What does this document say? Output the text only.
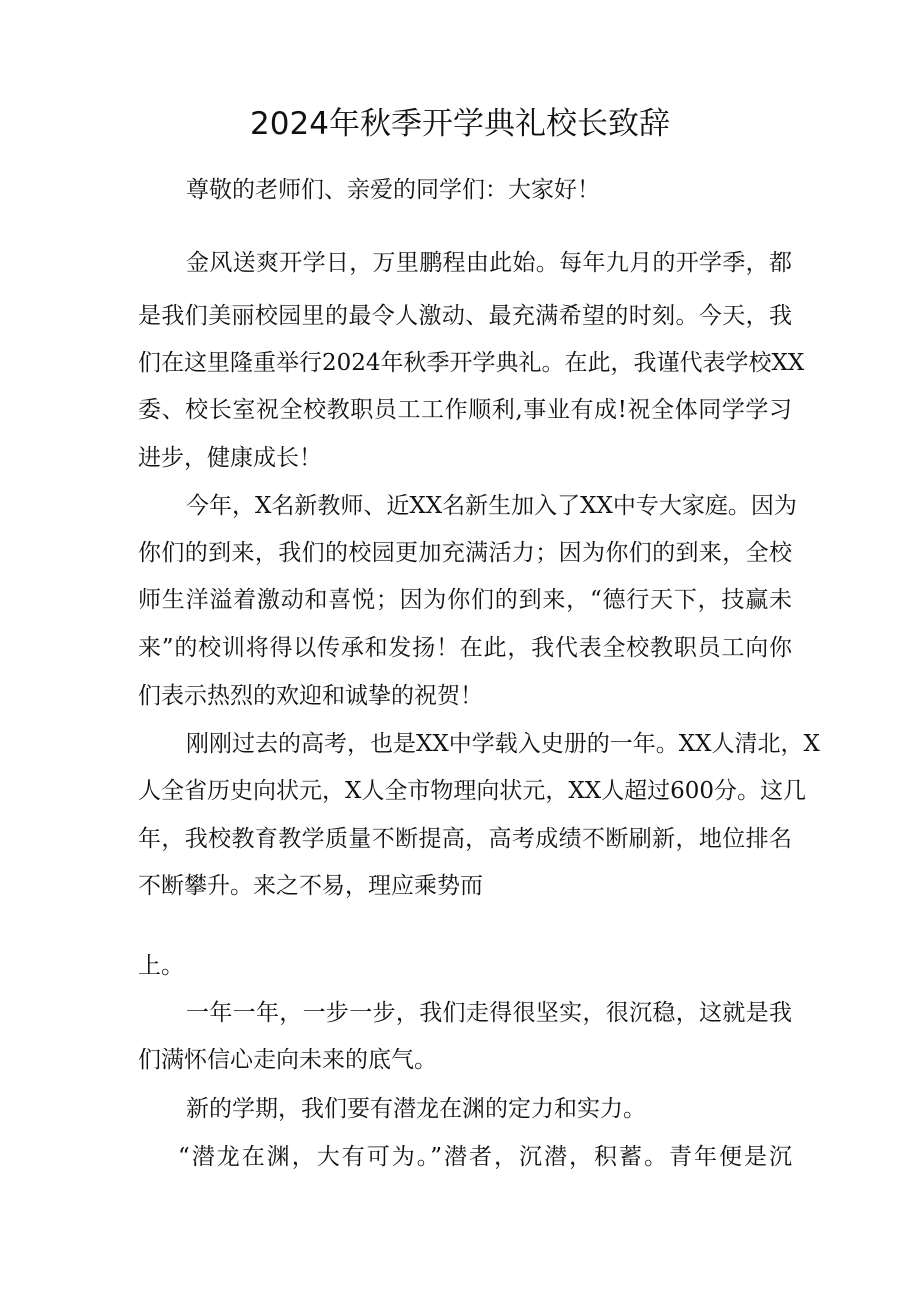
2024年秋季开学典礼校长致辞

尊敬的老师们、亲爱的同学们：大家好！

金风送爽开学日，万里鹏程由此始。每年九月的开学季，都

是我们美丽校园里的最令人激动、最充满希望的时刻。今天，我

们在这里隆重举行2024年秋季开学典礼。在此，我谨代表学校XX

委、校长室祝全校教职员工工作顺利,事业有成!祝全体同学学习

进步，健康成长！

今年，X名新教师、近XX名新生加入了XX中专大家庭。因为

你们的到来，我们的校园更加充满活力；因为你们的到来，全校

师生洋溢着激动和喜悦；因为你们的到来，“德行天下，技赢未

来”的校训将得以传承和发扬！在此，我代表全校教职员工向你

们表示热烈的欢迎和诚挚的祝贺！

刚刚过去的高考，也是XX中学载入史册的一年。XX人清北，X

人全省历史向状元，X人全市物理向状元，XX人超过600分。这几

年，我校教育教学质量不断提高，高考成绩不断刷新，地位排名

不断攀升。来之不易，理应乘势而

上。

一年一年，一步一步，我们走得很坚实，很沉稳，这就是我

们满怀信心走向未来的底气。

新的学期，我们要有潜龙在渊的定力和实力。

“潜龙在渊，大有可为。”潜者，沉潜，积蓄。青年便是沉
